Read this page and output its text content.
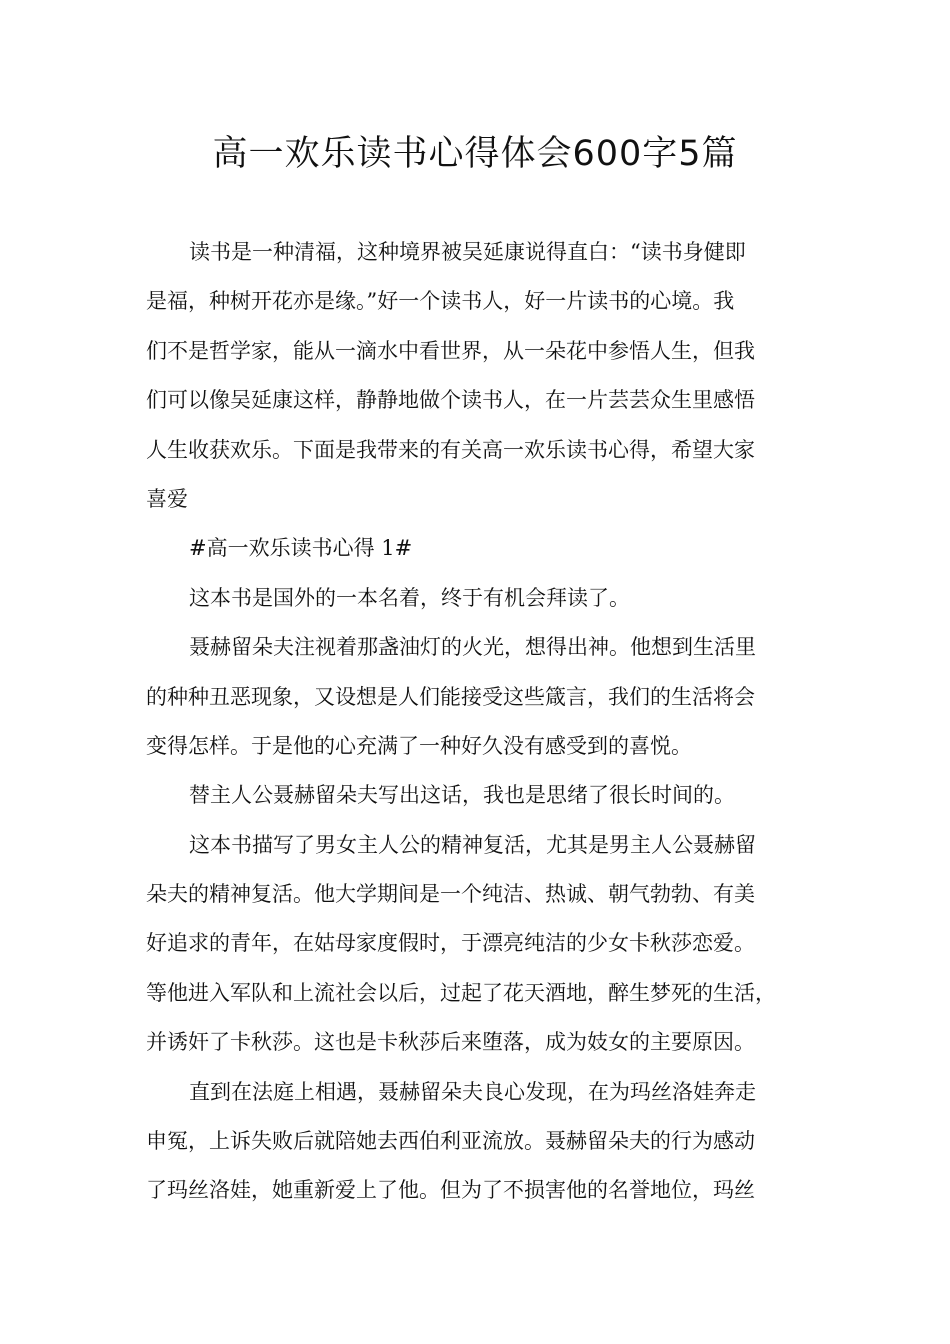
高一欢乐读书心得体会600字5篇
读书是一种清福，这种境界被吴延康说得直白：“读书身健即
是福，种树开花亦是缘。”好一个读书人，好一片读书的心境。我
们不是哲学家，能从一滴水中看世界，从一朵花中参悟人生，但我
们可以像吴延康这样，静静地做个读书人，在一片芸芸众生里感悟
人生收获欢乐。下面是我带来的有关高一欢乐读书心得，希望大家
喜爱
#高一欢乐读书心得 1#
这本书是国外的一本名着，终于有机会拜读了。
聂赫留朵夫注视着那盏油灯的火光，想得出神。他想到生活里
的种种丑恶现象，又设想是人们能接受这些箴言，我们的生活将会
变得怎样。于是他的心充满了一种好久没有感受到的喜悦。
替主人公聂赫留朵夫写出这话，我也是思绪了很长时间的。
这本书描写了男女主人公的精神复活，尤其是男主人公聂赫留
朵夫的精神复活。他大学期间是一个纯洁、热诚、朝气勃勃、有美
好追求的青年，在姑母家度假时，于漂亮纯洁的少女卡秋莎恋爱。
等他进入军队和上流社会以后，过起了花天酒地，醉生梦死的生活，
并诱奸了卡秋莎。这也是卡秋莎后来堕落，成为妓女的主要原因。
直到在法庭上相遇，聂赫留朵夫良心发现，在为玛丝洛娃奔走
申冤，上诉失败后就陪她去西伯利亚流放。聂赫留朵夫的行为感动
了玛丝洛娃，她重新爱上了他。但为了不损害他的名誉地位，玛丝
